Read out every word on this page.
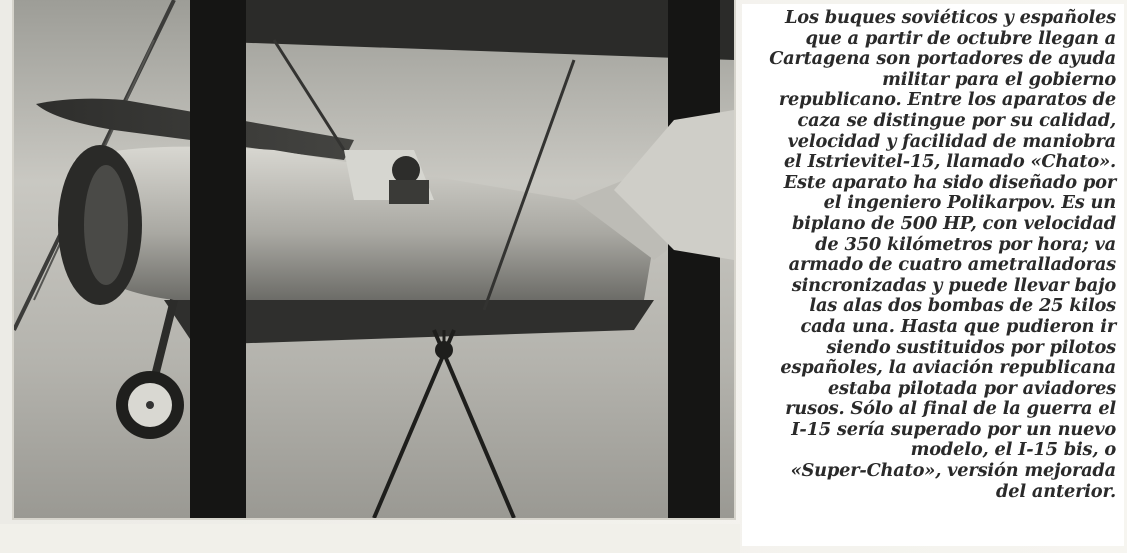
Los buques soviéticos y españoles
que a partir de octubre llegan a
Cartagena son portadores de ayuda
militar para el gobierno
republicano. Entre los aparatos de
caza se distingue por su calidad,
velocidad y facilidad de maniobra
el Istrievitel-15, llamado «Chato».
Este aparato ha sido diseñado por
el ingeniero Polikarpov. Es un
biplano de 500 HP, con velocidad
de 350 kilómetros por hora; va
armado de cuatro ametralladoras
sincronizadas y puede llevar bajo
las alas dos bombas de 25 kilos
cada una. Hasta que pudieron ir
siendo sustituidos por pilotos
españoles, la aviación republicana
estaba pilotada por aviadores
rusos. Sólo al final de la guerra el
I-15 sería superado por un nuevo
modelo, el I-15 bis, o
«Super-Chato», versión mejorada
del anterior.
